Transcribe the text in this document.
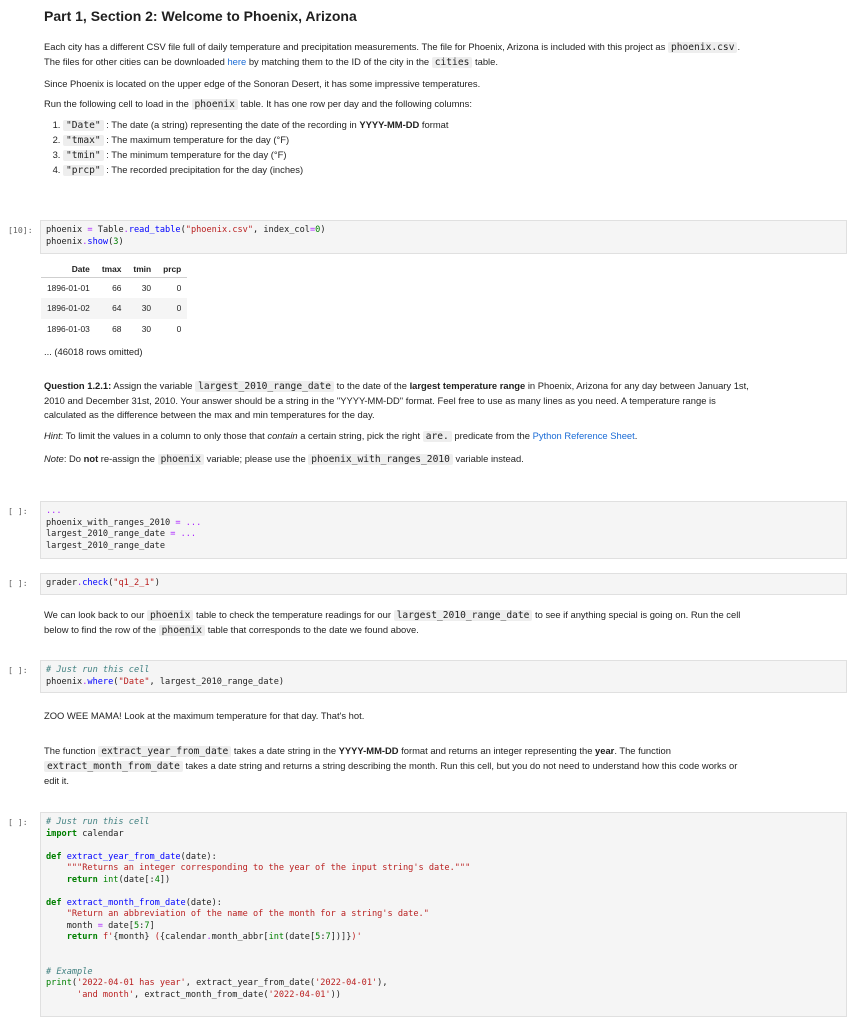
Part 1, Section 2: Welcome to Phoenix, Arizona

Each city has a different CSV file full of daily temperature and precipitation measurements. The file for Phoenix, Arizona is included with this project as phoenix.csv .
The files for other cities can be downloaded here by matching them to the ID of the city in the cities table.

Since Phoenix is located on the upper edge of the Sonoran Desert, it has some impressive temperatures.

Run the following cell to load in the phoenix table. It has one row per day and the following columns:

1. "Date" : The date (a string) representing the date of the recording in YYYY-MM-DD format
2. "tmax" : The maximum temperature for the day (°F)
3. "tmin" : The minimum temperature for the day (°F)
4. "prcp" : The recorded precipitation for the day (inches)
[10]:	phoenix = Table.read_table("phoenix.csv", index_col=0)
phoenix.show(3)
Date	tmax	tmin	prcp
1896-01-01	66	30	0
1896-01-02	64	30	0
1896-01-03	68	30	0
... (46018 rows omitted)

Question 1.2.1: Assign the variable largest_2010_range_date to the date of the largest temperature range in Phoenix, Arizona for any day between January 1st,
2010 and December 31st, 2010. Your answer should be a string in the "YYYY-MM-DD" format. Feel free to use as many lines as you need. A temperature range is
calculated as the difference between the max and min temperatures for the day.

Hint: To limit the values in a column to only those that contain a certain string, pick the right are. predicate from the Python Reference Sheet.

Note: Do not re-assign the phoenix variable; please use the phoenix_with_ranges_2010 variable instead.

[ ]:	...
phoenix_with_ranges_2010 = ...
largest_2010_range_date = ...
largest_2010_range_date
[ ]:	grader.check("q1_2_1")

We can look back to our phoenix table to check the temperature readings for our largest_2010_range_date to see if anything special is going on. Run the cell
below to find the row of the phoenix table that corresponds to the date we found above.

[ ]:	# Just run this cell
phoenix.where("Date", largest_2010_range_date)
ZOO WEE MAMA! Look at the maximum temperature for that day. That's hot.

The function extract_year_from_date takes a date string in the YYYY-MM-DD format and returns an integer representing the year. The function
extract_month_from_date takes a date string and returns a string describing the month. Run this cell, but you do not need to understand how this code works or
edit it.

[ ]:	# Just run this cell
import calendar

def extract_year_from_date(date):
"""Returns an integer corresponding to the year of the input string's date."""
return int(date[:4])

def extract_month_from_date(date):
"Return an abbreviation of the name of the month for a string's date."
month = date[5:7]
return f'{month} ({calendar.month_abbr[int(date[5:7])]})'

# Example
print('2022-04-01 has year', extract_year_from_date('2022-04-01'),
'and month', extract_month_from_date('2022-04-01'))
